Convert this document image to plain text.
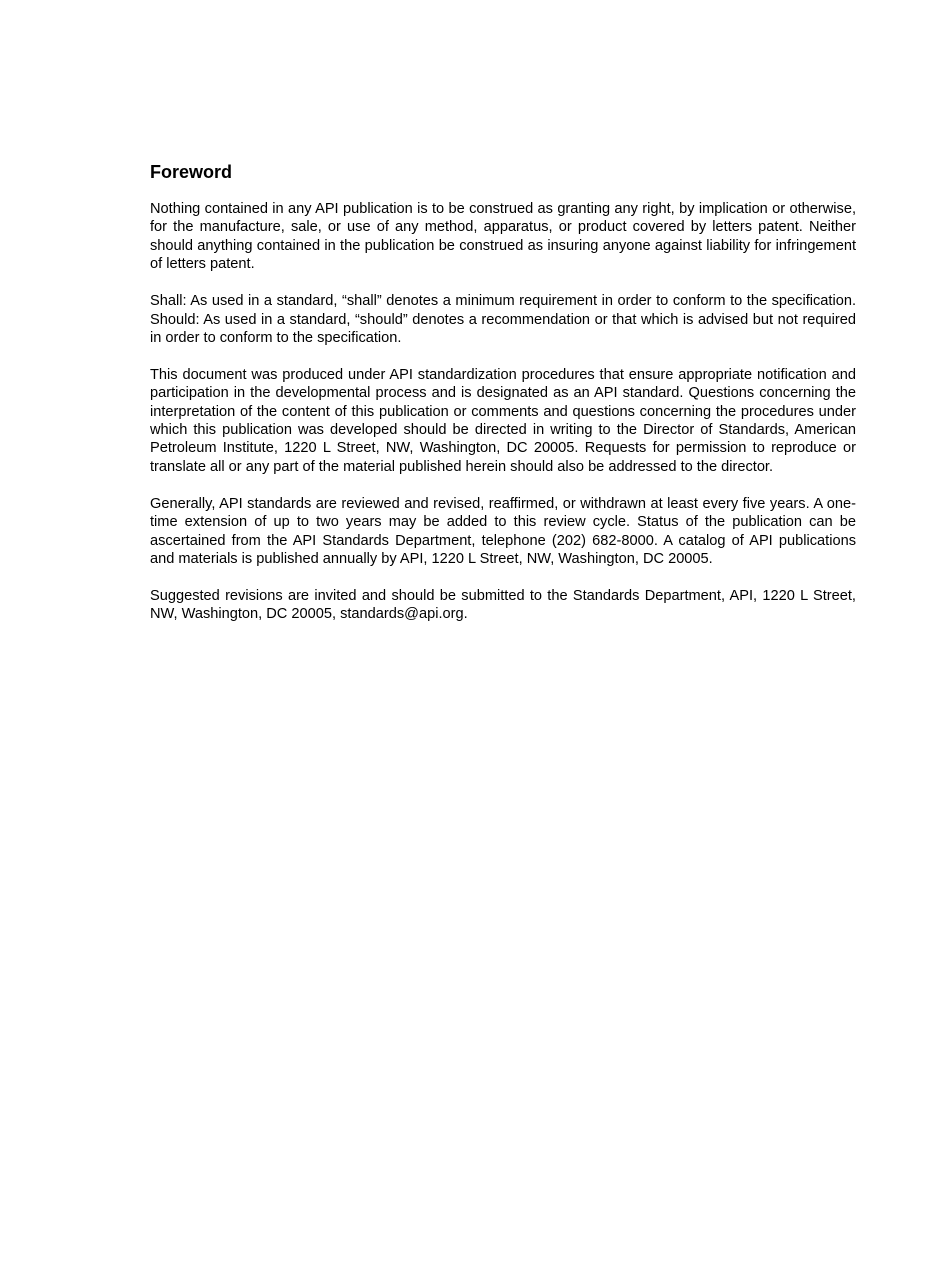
Foreword

Nothing contained in any API publication is to be construed as granting any right, by implication or otherwise, for the manufacture, sale, or use of any method, apparatus, or product covered by letters patent. Neither should anything contained in the publication be construed as insuring anyone against liability for infringement of letters patent.

Shall: As used in a standard, “shall” denotes a minimum requirement in order to conform to the specification. Should: As used in a standard, “should” denotes a recommendation or that which is advised but not required in order to conform to the specification.

This document was produced under API standardization procedures that ensure appropriate notification and participation in the developmental process and is designated as an API standard. Questions concerning the interpretation of the content of this publication or comments and questions concerning the procedures under which this publication was developed should be directed in writing to the Director of Standards, American Petroleum Institute, 1220 L Street, NW, Washington, DC 20005. Requests for permission to reproduce or translate all or any part of the material published herein should also be addressed to the director.

Generally, API standards are reviewed and revised, reaffirmed, or withdrawn at least every five years. A one-time extension of up to two years may be added to this review cycle. Status of the publication can be ascertained from the API Standards Department, telephone (202) 682-8000. A catalog of API publications and materials is published annually by API, 1220 L Street, NW, Washington, DC 20005.

Suggested revisions are invited and should be submitted to the Standards Department, API, 1220 L Street, NW, Washington, DC 20005, standards@api.org.
